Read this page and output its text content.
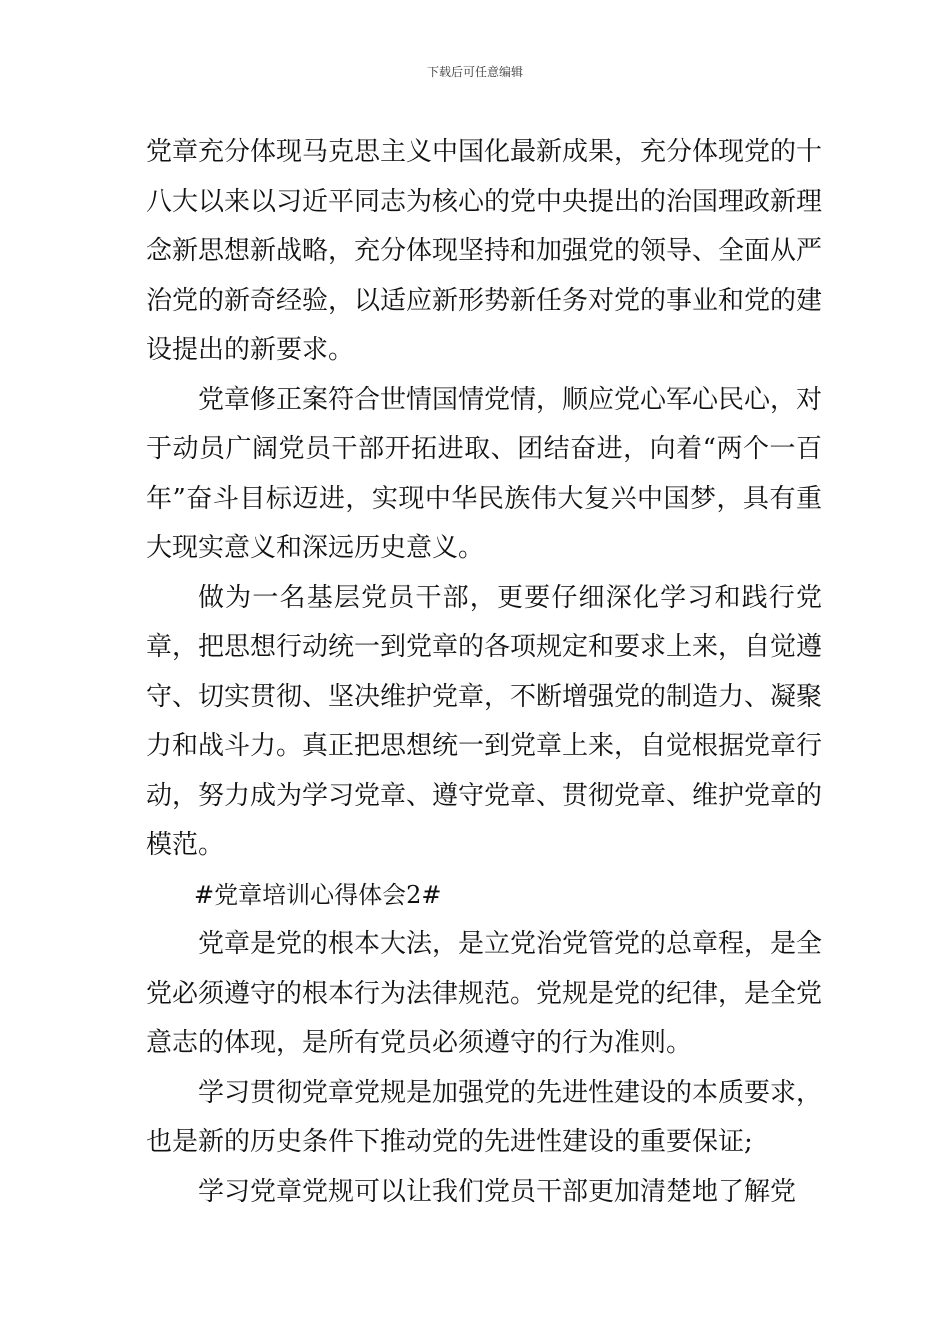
下载后可任意编辑

党章充分体现马克思主义中国化最新成果，充分体现党的十八大以来以习近平同志为核心的党中央提出的治国理政新理念新思想新战略，充分体现坚持和加强党的领导、全面从严治党的新奇经验，以适应新形势新任务对党的事业和党的建设提出的新要求。

党章修正案符合世情国情党情，顺应党心军心民心，对于动员广阔党员干部开拓进取、团结奋进，向着“两个一百年”奋斗目标迈进，实现中华民族伟大复兴中国梦，具有重大现实意义和深远历史意义。

做为一名基层党员干部，更要仔细深化学习和践行党章，把思想行动统一到党章的各项规定和要求上来，自觉遵守、切实贯彻、坚决维护党章，不断增强党的制造力、凝聚力和战斗力。真正把思想统一到党章上来，自觉根据党章行动，努力成为学习党章、遵守党章、贯彻党章、维护党章的模范。

#党章培训心得体会2#

党章是党的根本大法，是立党治党管党的总章程，是全党必须遵守的根本行为法律规范。党规是党的纪律，是全党意志的体现，是所有党员必须遵守的行为准则。

学习贯彻党章党规是加强党的先进性建设的本质要求，也是新的历史条件下推动党的先进性建设的重要保证;

学习党章党规可以让我们党员干部更加清楚地了解党
